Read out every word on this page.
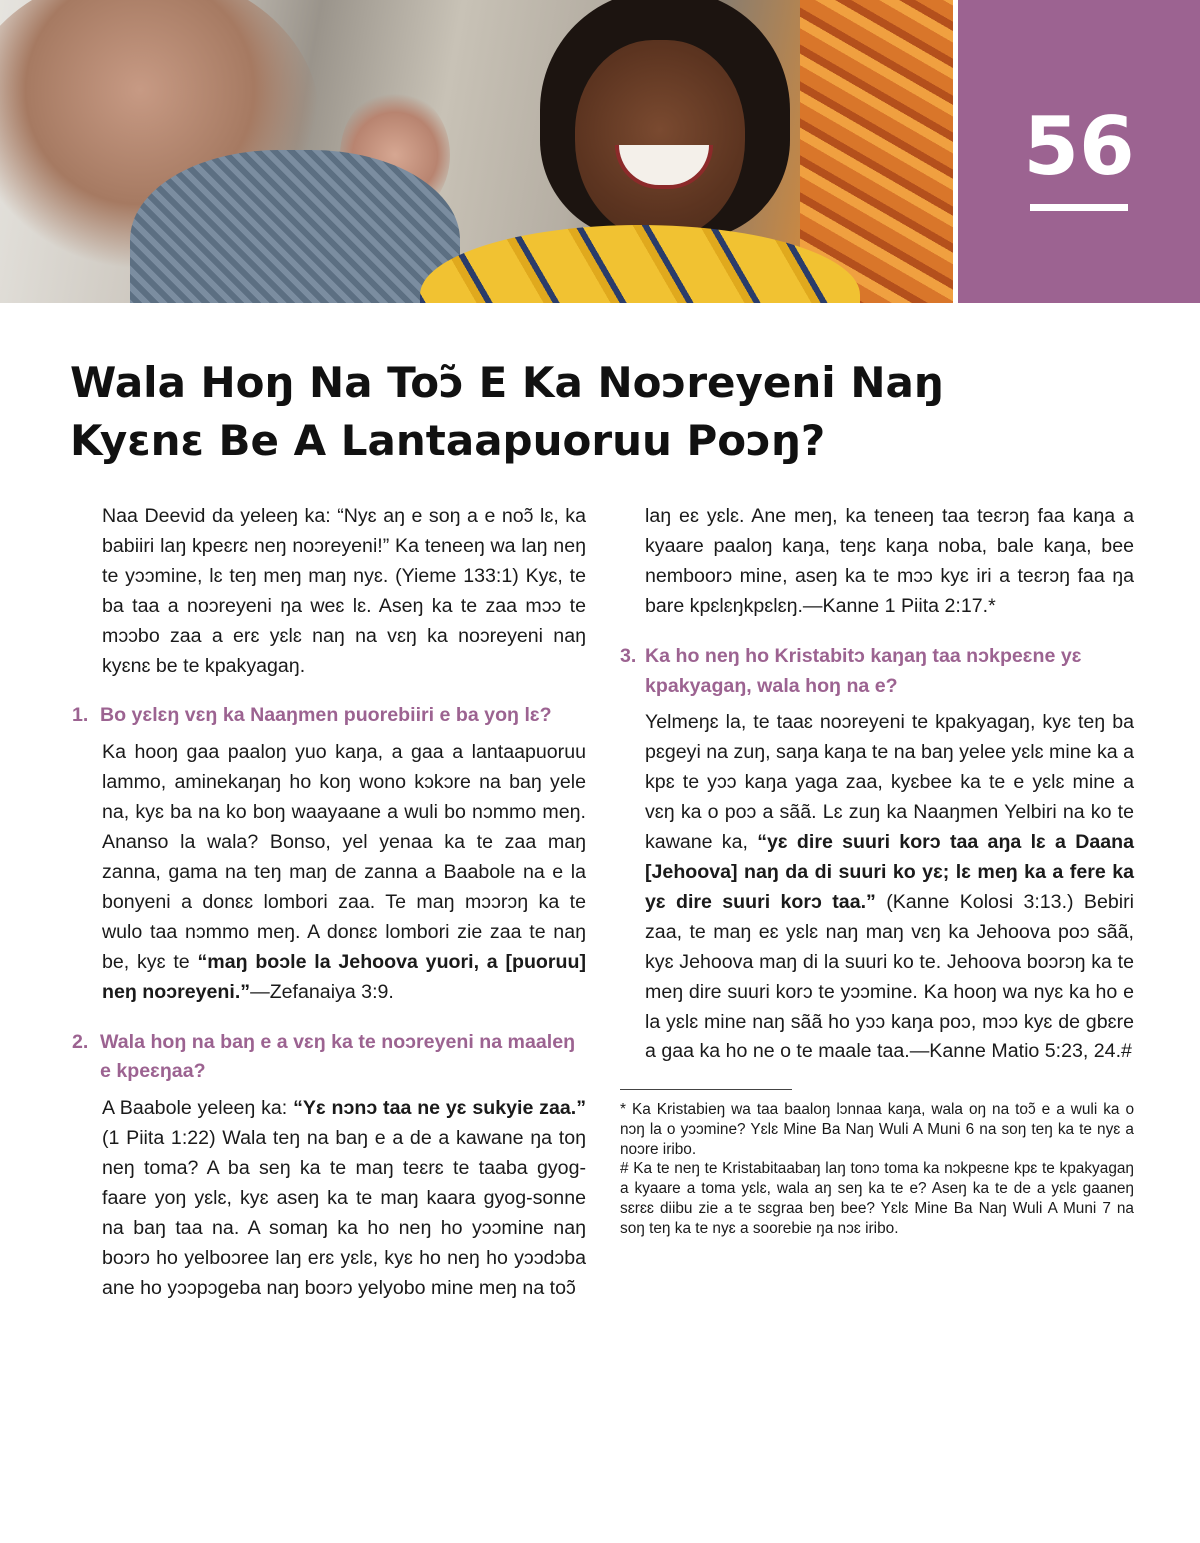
56
Wala Hoŋ Na Toɔ̃ E Ka Noɔreyeni Naŋ
Kyɛnɛ Be A Lantaapuoruu Poɔŋ?

Naa Deevid da yeleeŋ ka: “Nyɛ aŋ e soŋ a e noɔ̃ lɛ, ka babiiri laŋ kpeɛrɛ neŋ noɔreyeni!” Ka teneeŋ wa laŋ neŋ te yɔɔmine, lɛ teŋ meŋ maŋ nyɛ. (Yieme 133:1) Kyɛ, te ba taa a noɔreyeni ŋa weɛ lɛ. Aseŋ ka te zaa mɔɔ te mɔɔbo zaa a erɛ yɛlɛ naŋ na vɛŋ ka noɔreyeni naŋ kyɛnɛ be te kpakyagaŋ.

1. Bo yɛlɛŋ vɛŋ ka Naaŋmen puorebiiri e ba yoŋ lɛ?

Ka hooŋ gaa paaloŋ yuo kaŋa, a gaa a lantaapuoruu lammo, aminekaŋaŋ ho koŋ wono kɔkɔre na baŋ yele na, kyɛ ba na ko boŋ waayaane a wuli bo nɔmmo meŋ. Ananso la wala? Bonso, yel yenaa ka te zaa maŋ zanna, gama na teŋ maŋ de zanna a Baabole na e la bonyeni a donɛɛ lombori zaa. Te maŋ mɔɔrɔŋ ka te wulo taa nɔmmo meŋ. A donɛɛ lombori zie zaa te naŋ be, kyɛ te “maŋ boɔle la Jehoova yuori, a [puoruu] neŋ noɔreyeni.”—Zefanaiya 3:9.

2. Wala hoŋ na baŋ e a vɛŋ ka te noɔreyeni na maaleŋ e kpeɛŋaa?

A Baabole yeleeŋ ka: “Yɛ nɔnɔ taa ne yɛ sukyie zaa.” (1 Piita 1:22) Wala teŋ na baŋ e a de a kawane ŋa toŋ neŋ toma? A ba seŋ ka te maŋ teɛrɛ te taaba gyog-faare yoŋ yɛlɛ, kyɛ aseŋ ka te maŋ kaara gyog-sonne na baŋ taa na. A somaŋ ka ho neŋ ho yɔɔmine naŋ boɔrɔ ho yelboɔree laŋ erɛ yɛlɛ, kyɛ ho neŋ ho yɔɔdɔba ane ho yɔɔpɔgeba naŋ boɔrɔ yelyobo mine meŋ na toɔ̃

laŋ eɛ yɛlɛ. Ane meŋ, ka teneeŋ taa teɛrɔŋ faa kaŋa a kyaare paaloŋ kaŋa, teŋɛ kaŋa noba, bale kaŋa, bee nemboorɔ mine, aseŋ ka te mɔɔ kyɛ iri a teɛrɔŋ faa ŋa bare kpɛlɛŋkpɛlɛŋ.—Kanne 1 Piita 2:17.*

3. Ka ho neŋ ho Kristabitɔ kaŋaŋ taa nɔkpeɛne yɛ kpakyagaŋ, wala hoŋ na e?

Yelmeŋɛ la, te taaɛ noɔreyeni te kpakyagaŋ, kyɛ teŋ ba pɛgeyi na zuŋ, saŋa kaŋa te na baŋ yelee yɛlɛ mine ka a kpɛ te yɔɔ kaŋa yaga zaa, kyɛbee ka te e yɛlɛ mine a vɛŋ ka o poɔ a sãã. Lɛ zuŋ ka Naaŋmen Yelbiri na ko te kawane ka, “yɛ dire suuri korɔ taa aŋa lɛ a Daana [Jehoova] naŋ da di suuri ko yɛ; lɛ meŋ ka a fere ka yɛ dire suuri korɔ taa.” (Kanne Kolosi 3:13.) Bebiri zaa, te maŋ eɛ yɛlɛ naŋ maŋ vɛŋ ka Jehoova poɔ sãã, kyɛ Jehoova maŋ di la suuri ko te. Jehoova boɔrɔŋ ka te meŋ dire suuri korɔ te yɔɔmine. Ka hooŋ wa nyɛ ka ho e la yɛlɛ mine naŋ sãã ho yɔɔ kaŋa poɔ, mɔɔ kyɛ de gbɛre a gaa ka ho ne o te maale taa.—Kanne Matio 5:23, 24.#

* Ka Kristabieŋ wa taa baaloŋ lɔnnaa kaŋa, wala oŋ na toɔ̃ e a wuli ka o nɔŋ la o yɔɔmine? Yɛlɛ Mine Ba Naŋ Wuli A Muni 6 na soŋ teŋ ka te nyɛ a noɔre iribo.

# Ka te neŋ te Kristabitaabaŋ laŋ tonɔ toma ka nɔkpeɛne kpɛ te kpakyagaŋ a kyaare a toma yɛlɛ, wala aŋ seŋ ka te e? Aseŋ ka te de a yɛlɛ gaaneŋ sɛrɛɛ diibu zie a te sɛgraa beŋ bee? Yɛlɛ Mine Ba Naŋ Wuli A Muni 7 na soŋ teŋ ka te nyɛ a soorebie ŋa nɔɛ iribo.
